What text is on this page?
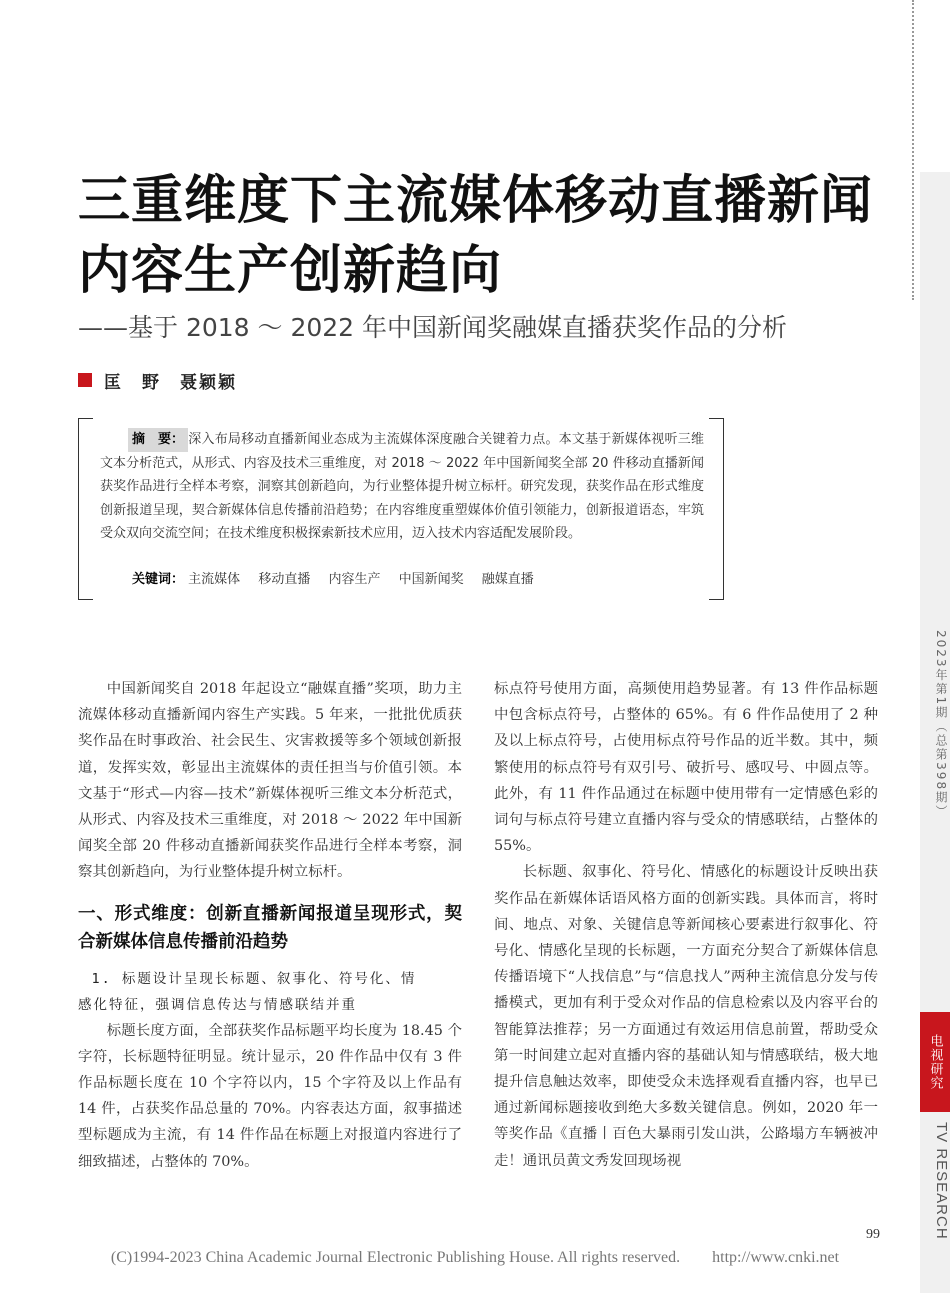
2023年第1期（总第398期）
电视研究
TV RESEARCH
三重维度下主流媒体移动直播新闻内容生产创新趋向
——基于 2018 ～ 2022 年中国新闻奖融媒直播获奖作品的分析
匡　野　聂颖颖
摘　要： 深入布局移动直播新闻业态成为主流媒体深度融合关键着力点。本文基于新媒体视听三维文本分析范式，从形式、内容及技术三重维度，对 2018 ～ 2022 年中国新闻奖全部 20 件移动直播新闻获奖作品进行全样本考察，洞察其创新趋向，为行业整体提升树立标杆。研究发现，获奖作品在形式维度创新报道呈现，契合新媒体信息传播前沿趋势；在内容维度重塑媒体价值引领能力，创新报道语态，牢筑受众双向交流空间；在技术维度积极探索新技术应用，迈入技术内容适配发展阶段。
关键词： 主流媒体 移动直播 内容生产 中国新闻奖 融媒直播

中国新闻奖自 2018 年起设立“融媒直播”奖项，助力主流媒体移动直播新闻内容生产实践。5 年来，一批批优质获奖作品在时事政治、社会民生、灾害救援等多个领域创新报道，发挥实效，彰显出主流媒体的责任担当与价值引领。本文基于“形式—内容—技术”新媒体视听三维文本分析范式，从形式、内容及技术三重维度，对 2018 ～ 2022 年中国新闻奖全部 20 件移动直播新闻获奖作品进行全样本考察，洞察其创新趋向，为行业整体提升树立标杆。

一、形式维度：创新直播新闻报道呈现形式，契合新媒体信息传播前沿趋势
1. 标题设计呈现长标题、叙事化、符号化、情
感化特征，强调信息传达与情感联结并重

标题长度方面，全部获奖作品标题平均长度为 18.45 个字符，长标题特征明显。统计显示，20 件作品中仅有 3 件作品标题长度在 10 个字符以内，15 个字符及以上作品有 14 件，占获奖作品总量的 70%。内容表达方面，叙事描述型标题成为主流，有 14 件作品在标题上对报道内容进行了细致描述，占整体的 70%。

标点符号使用方面，高频使用趋势显著。有 13 件作品标题中包含标点符号，占整体的 65%。有 6 件作品使用了 2 种及以上标点符号，占使用标点符号作品的近半数。其中，频繁使用的标点符号有双引号、破折号、感叹号、中圆点等。此外，有 11 件作品通过在标题中使用带有一定情感色彩的词句与标点符号建立直播内容与受众的情感联结，占整体的 55%。

长标题、叙事化、符号化、情感化的标题设计反映出获奖作品在新媒体话语风格方面的创新实践。具体而言，将时间、地点、对象、关键信息等新闻核心要素进行叙事化、符号化、情感化呈现的长标题，一方面充分契合了新媒体信息传播语境下“人找信息”与“信息找人”两种主流信息分发与传播模式，更加有利于受众对作品的信息检索以及内容平台的智能算法推荐；另一方面通过有效运用信息前置，帮助受众第一时间建立起对直播内容的基础认知与情感联结，极大地提升信息触达效率，即使受众未选择观看直播内容，也早已通过新闻标题接收到绝大多数关键信息。例如，2020 年一等奖作品《直播丨百色大暴雨引发山洪，公路塌方车辆被冲走！通讯员黄文秀发回现场视

99
(C)1994-2023 China Academic Journal Electronic Publishing House. All rights reserved.　　http://www.cnki.net
